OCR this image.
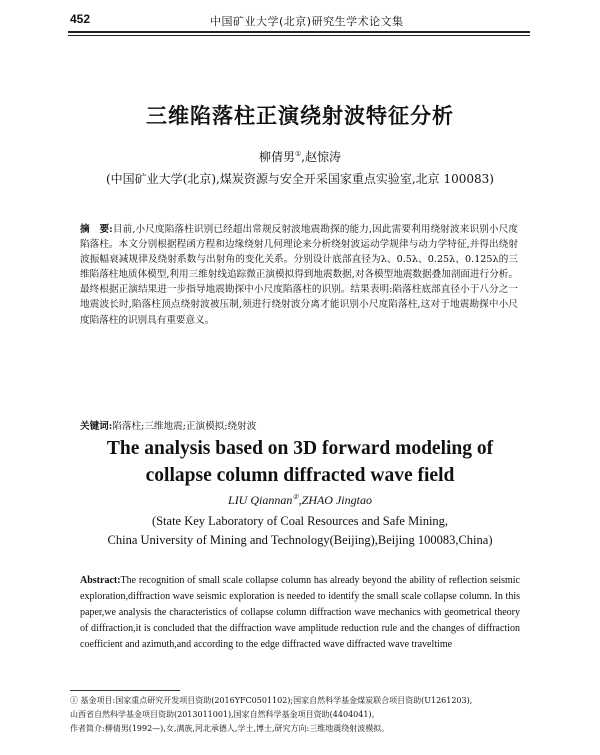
452	中国矿业大学(北京)研究生学术论文集
三维陷落柱正演绕射波特征分析
柳倩男①,赵惊涛
(中国矿业大学(北京),煤炭资源与安全开采国家重点实验室,北京 100083)
摘　要:目前,小尺度陷落柱识别已经超出常规反射波地震勘探的能力,因此需要利用绕射波来识别小尺度陷落柱。本文分别根据程函方程和边缘绕射几何理论来分析绕射波运动学规律与动力学特征,并得出绕射波振幅衰减规律及绕射系数与出射角的变化关系。分别设计底部直径为λ、0.5λ、0.25λ、0.125λ的三维陷落柱地质体模型,利用三维射线追踪微正演模拟得到地震数据,对各模型地震数据叠加剖面进行分析。最终根据正演结果进一步指导地震勘探中小尺度陷落柱的识别。结果表明:陷落柱底部直径小于八分之一地震波长时,陷落柱顶点绕射波被压制,须进行绕射波分离才能识别小尺度陷落柱,这对于地震勘探中小尺度陷落柱的识别具有重要意义。
关键词:陷落柱;三维地震;正演模拟;绕射波
The analysis based on 3D forward modeling of
collapse column diffracted wave field
LIU Qiannan①,ZHAO Jingtao
(State Key Laboratory of Coal Resources and Safe Mining,
China University of Mining and Technology(Beijing),Beijing 100083,China)
Abstract:The recognition of small scale collapse column has already beyond the ability of reflection seismic exploration,diffraction wave seismic exploration is needed to identify the small scale collapse column. In this paper,we analysis the characteristics of collapse column diffraction wave mechanics with geometrical theory of diffraction,it is concluded that the diffraction wave amplitude reduction rule and the changes of diffraction coefficient and azimuth,and according to the edge diffracted wave diffracted wave traveltime
① 基金项目:国家重点研究开发项目资助(2016YFC0501102);国家自然科学基金煤炭联合项目资助(U1261203),
山西省自然科学基金项目资助(2013011001),国家自然科学基金项目资助(4404041)。
作者简介:柳倩男(1992—),女,满族,河北承德人,学士,博士,研究方向:三维地震绕射波模拟。
